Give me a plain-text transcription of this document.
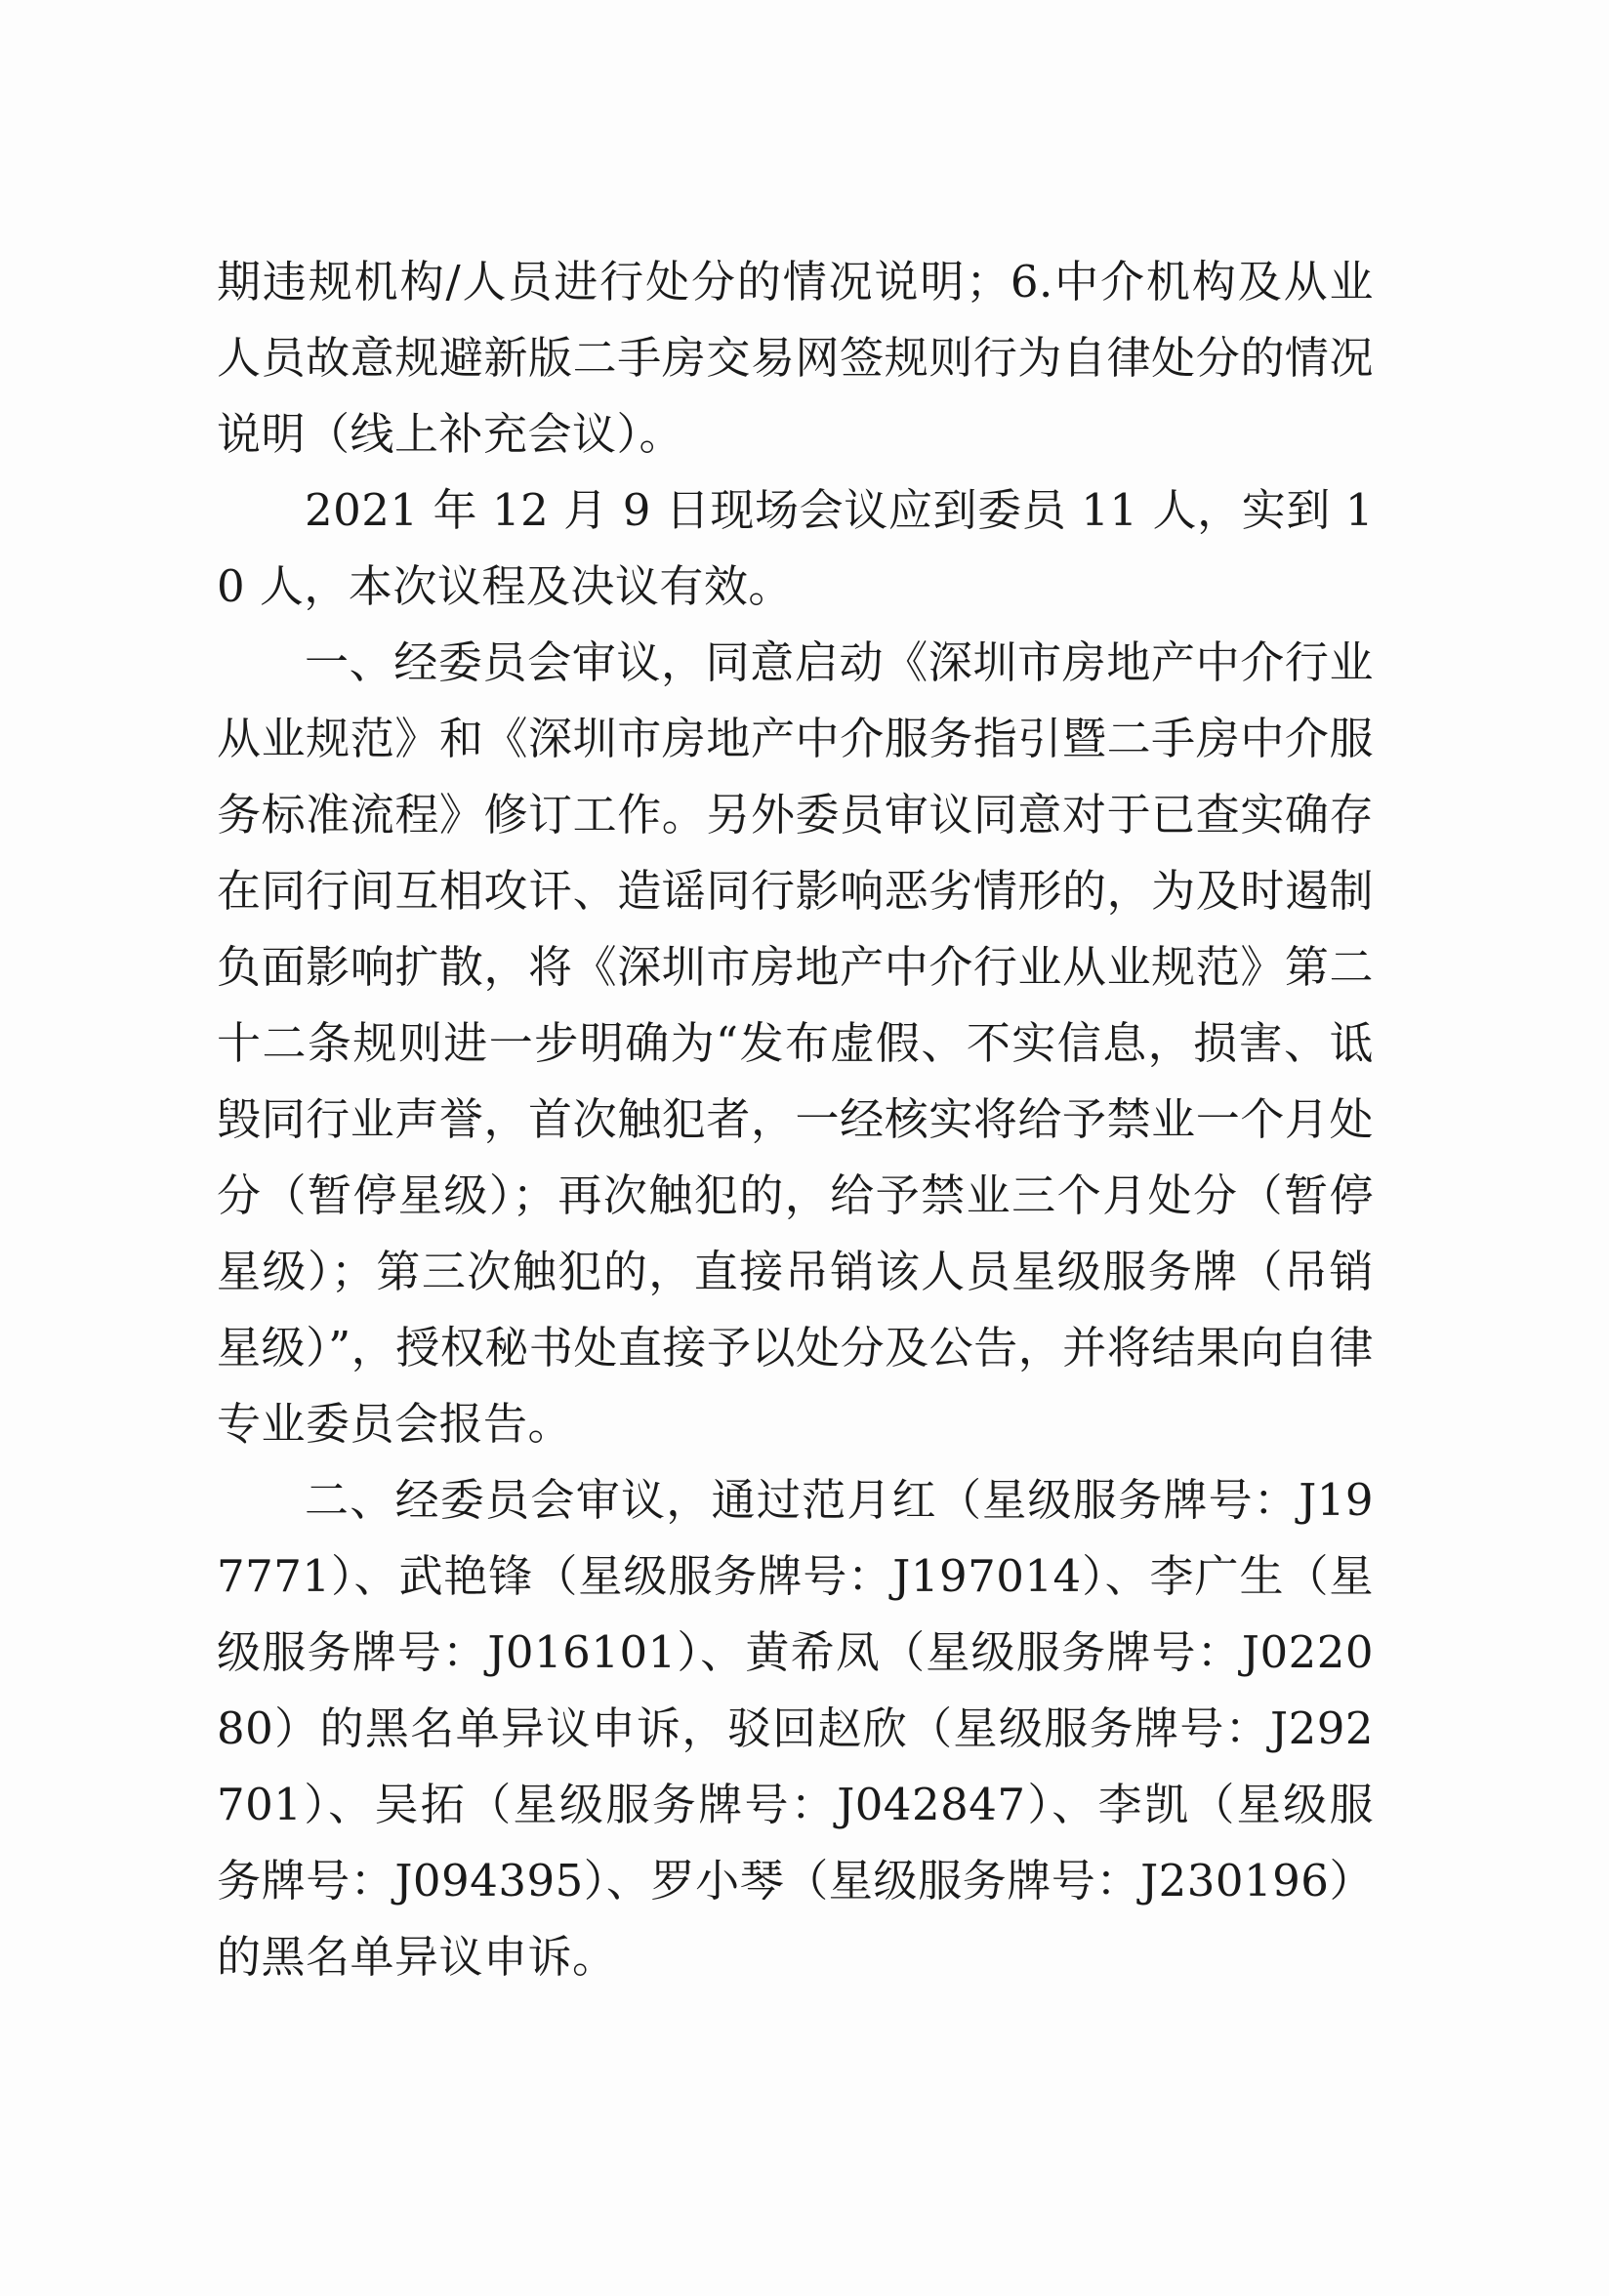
期违规机构/人员进行处分的情况说明；6.中介机构及从业人员故意规避新版二手房交易网签规则行为自律处分的情况说明（线上补充会议）。

2021 年 12 月 9 日现场会议应到委员 11 人，实到 10 人，本次议程及决议有效。

一、经委员会审议，同意启动《深圳市房地产中介行业从业规范》和《深圳市房地产中介服务指引暨二手房中介服务标准流程》修订工作。另外委员审议同意对于已查实确存在同行间互相攻讦、造谣同行影响恶劣情形的，为及时遏制负面影响扩散，将《深圳市房地产中介行业从业规范》第二十二条规则进一步明确为“发布虚假、不实信息，损害、诋毁同行业声誉，首次触犯者，一经核实将给予禁业一个月处分（暂停星级）；再次触犯的，给予禁业三个月处分（暂停星级）；第三次触犯的，直接吊销该人员星级服务牌（吊销星级）”，授权秘书处直接予以处分及公告，并将结果向自律专业委员会报告。

二、经委员会审议，通过范月红（星级服务牌号：J197771）、武艳锋（星级服务牌号：J197014）、李广生（星级服务牌号：J016101）、黄希凤（星级服务牌号：J022080）的黑名单异议申诉，驳回赵欣（星级服务牌号：J292701）、吴拓（星级服务牌号：J042847）、李凯（星级服务牌号：J094395）、罗小琴（星级服务牌号：J230196）的黑名单异议申诉。
